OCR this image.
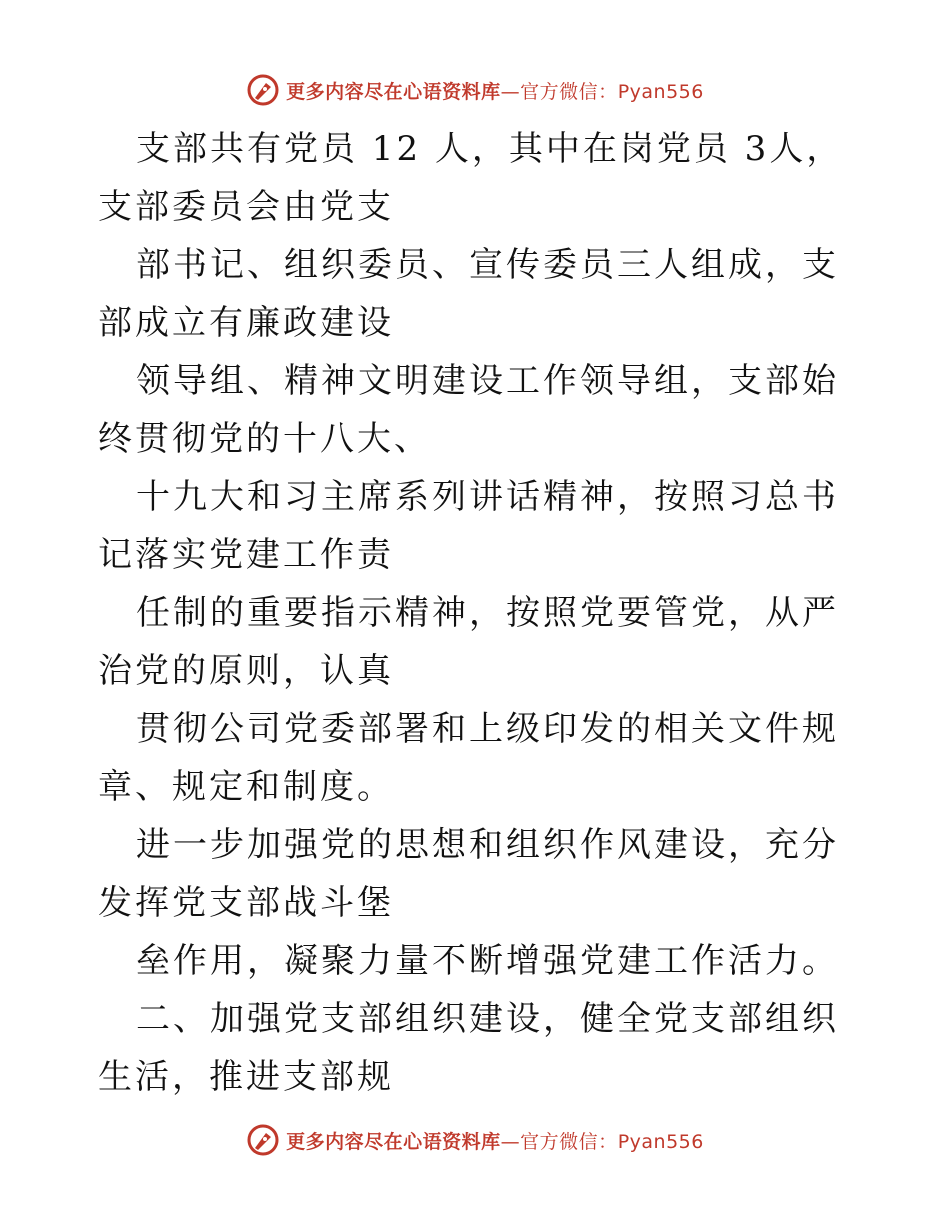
更多内容尽在心语资料库—官方微信：Pyan556

支部共有党员 12 人，其中在岗党员 3人，支部委员会由党支

部书记、组织委员、宣传委员三人组成，支部成立有廉政建设

领导组、精神文明建设工作领导组，支部始终贯彻党的十八大、

十九大和习主席系列讲话精神，按照习总书记落实党建工作责

任制的重要指示精神，按照党要管党，从严治党的原则，认真

贯彻公司党委部署和上级印发的相关文件规章、规定和制度。

进一步加强党的思想和组织作风建设，充分发挥党支部战斗堡

垒作用，凝聚力量不断增强党建工作活力。

二、加强党支部组织建设，健全党支部组织生活，推进支部规

更多内容尽在心语资料库—官方微信：Pyan556
